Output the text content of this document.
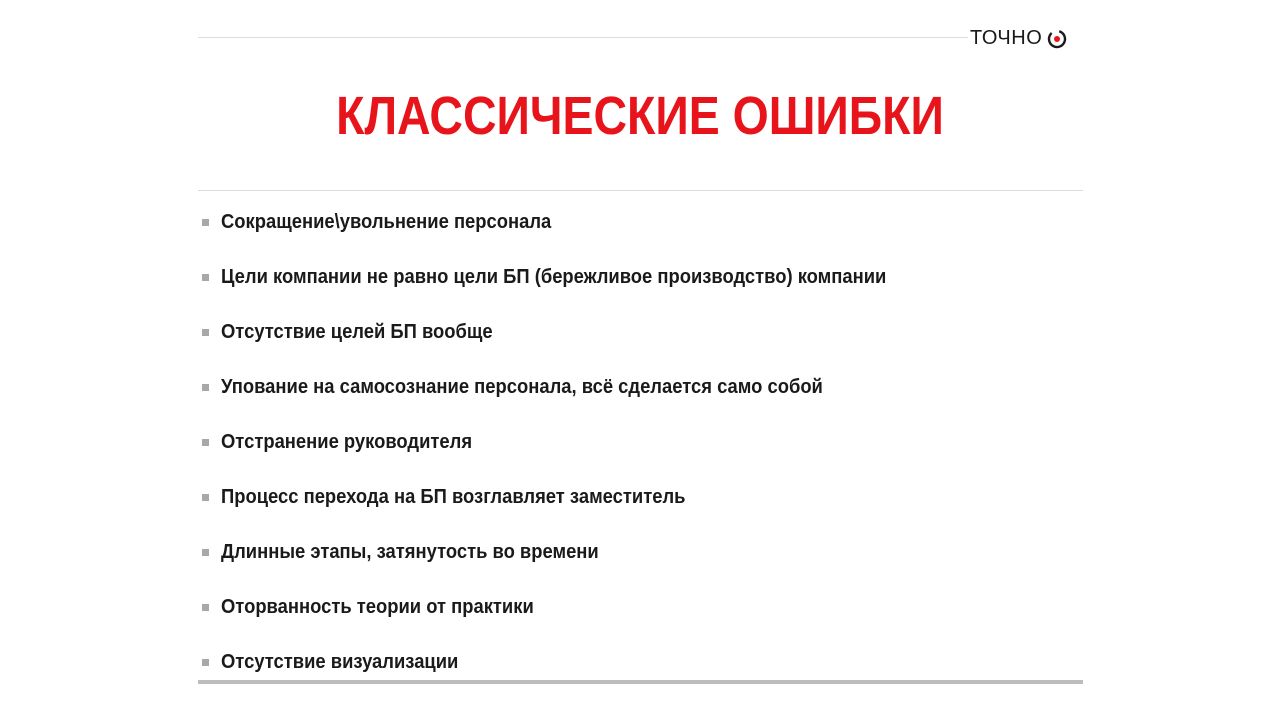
ТОЧНО
КЛАССИЧЕСКИЕ ОШИБКИ
Сокращение\увольнение персонала
Цели компании не равно цели БП (бережливое производство) компании
Отсутствие целей БП вообще
Упование на самосознание персонала, всё сделается само собой
Отстранение руководителя
Процесс перехода на БП возглавляет заместитель
Длинные этапы, затянутость во времени
Оторванность теории от практики
Отсутствие визуализации
